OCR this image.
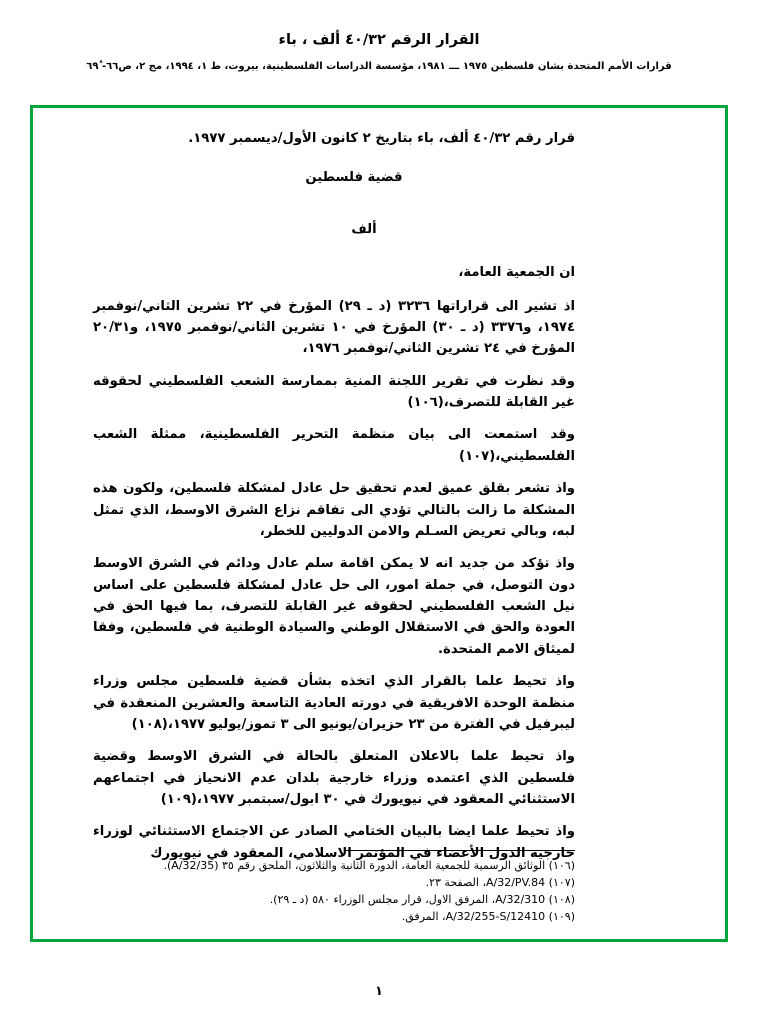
القرار الرقم ٤٠/٣٢ ألف ، باء
قرارات الأمم المتحدة بشان فلسطين ١٩٧٥ ـــ ١٩٨١، مؤسسة الدراسات الفلسطينية، بيروت، ط ١، ١٩٩٤، مج ٢، ص٦٦- ٦٩ْ
قرار رقم ٤٠/٣٢ ألف، باء بتاريخ ٢ كانون الأول/ديسمبر ١٩٧٧.
قضية فلسطين
ألف
ان الجمعية العامة،

اذ تشير الى قراراتها ٣٢٣٦ (د ـ ٢٩) المؤرخ في ٢٢ تشرين الثاني/نوفمبر ١٩٧٤، و٣٣٧٦ (د ـ ٣٠) المؤرخ في ١٠ تشرين الثاني/نوفمبر ١٩٧٥، و٢٠/٣١ المؤرخ في ٢٤ تشرين الثاني/نوفمبر ١٩٧٦،

وقد نظرت في تقرير اللجنة المنية بممارسة الشعب الفلسطيني لحقوقه غير القابلة للتصرف،(١٠٦)

وقد استمعت الى بيان منظمة التحرير الفلسطينية، ممثلة الشعب الفلسطيني،(١٠٧)

واذ تشعر بقلق عميق لعدم تحقيق حل عادل لمشكلة فلسطين، ولكون هذه المشكلة ما زالت بالتالي تؤدي الى تفاقم نزاع الشرق الاوسط، الذي تمثل لبه، وبالي تعريض السـلم والامن الدوليين للخطر،

واذ تؤكد من جديد انه لا يمكن اقامة سلم عادل ودائم في الشرق الاوسط دون التوصل، في جملة امور، الى حل عادل لمشكلة فلسطين على اساس نيل الشعب الفلسطيني لحقوقه غير القابلة للتصرف، بما فيها الحق في العودة والحق في الاستقلال الوطني والسيادة الوطنية في فلسطين، وفقا لميثاق الامم المتحدة.

واذ تحيط علما بالقرار الذي اتخذه بشأن قضية فلسطين مجلس وزراء منظمة الوحدة الافريقية في دورته العادية التاسعة والعشرين المنعقدة في ليبرفيل في الفترة من ٢٣ حزيران/يونيو الى ٣ تموز/يوليو ١٩٧٧،(١٠٨)

واذ تحيط علما بالاعلان المتعلق بالحالة في الشرق الاوسط وقضية فلسطين الذي اعتمده وزراء خارجية بلدان عدم الانحياز في اجتماعهم الاستثنائي المعقود في نيويورك في ٣٠ ابول/سبتمبر ١٩٧٧،(١٠٩)

واذ تحيط علما ايضا بالبيان الختامي الصادر عن الاجتماع الاستثنائي لوزراء خارجية الدول الأعضاء في المؤتمر الاسلامي، المعقود في نيويورك

(١٠٦) الوثائق الرسمية للجمعية العامة، الدورة الثانية والثلاثون، الملحق رقم ٣٥ (A/32/35).

(١٠٧) A/32/PV.84، الصفحة ٢٣.

(١٠٨) A/32/310، المرفق الاول، قرار مجلس الوزراء ٥٨٠ (د ـ ٢٩).

(١٠٩) A/32/255-S/12410، المرفق.

١
